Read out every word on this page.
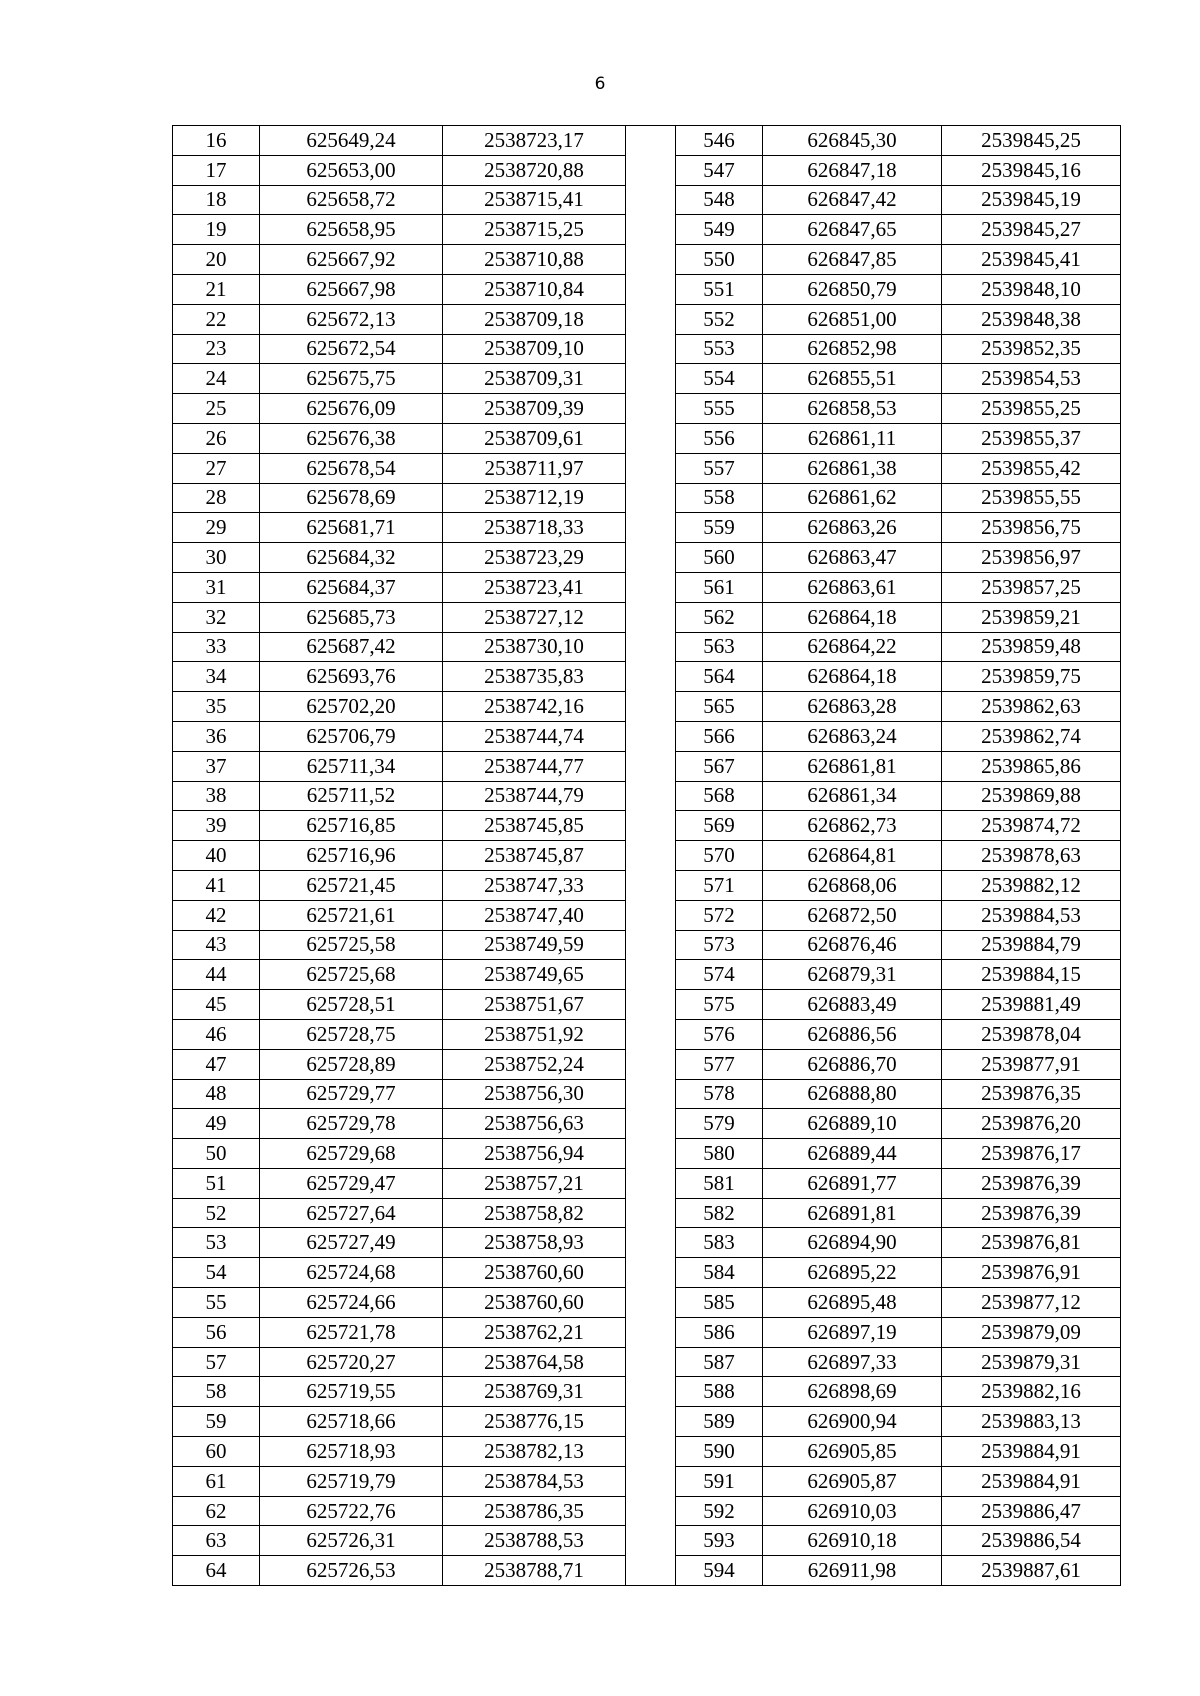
6
16	625649,24	2538723,17		546	626845,30	2539845,25
17	625653,00	2538720,88		547	626847,18	2539845,16
18	625658,72	2538715,41		548	626847,42	2539845,19
19	625658,95	2538715,25		549	626847,65	2539845,27
20	625667,92	2538710,88		550	626847,85	2539845,41
21	625667,98	2538710,84		551	626850,79	2539848,10
22	625672,13	2538709,18		552	626851,00	2539848,38
23	625672,54	2538709,10		553	626852,98	2539852,35
24	625675,75	2538709,31		554	626855,51	2539854,53
25	625676,09	2538709,39		555	626858,53	2539855,25
26	625676,38	2538709,61		556	626861,11	2539855,37
27	625678,54	2538711,97		557	626861,38	2539855,42
28	625678,69	2538712,19		558	626861,62	2539855,55
29	625681,71	2538718,33		559	626863,26	2539856,75
30	625684,32	2538723,29		560	626863,47	2539856,97
31	625684,37	2538723,41		561	626863,61	2539857,25
32	625685,73	2538727,12		562	626864,18	2539859,21
33	625687,42	2538730,10		563	626864,22	2539859,48
34	625693,76	2538735,83		564	626864,18	2539859,75
35	625702,20	2538742,16		565	626863,28	2539862,63
36	625706,79	2538744,74		566	626863,24	2539862,74
37	625711,34	2538744,77		567	626861,81	2539865,86
38	625711,52	2538744,79		568	626861,34	2539869,88
39	625716,85	2538745,85		569	626862,73	2539874,72
40	625716,96	2538745,87		570	626864,81	2539878,63
41	625721,45	2538747,33		571	626868,06	2539882,12
42	625721,61	2538747,40		572	626872,50	2539884,53
43	625725,58	2538749,59		573	626876,46	2539884,79
44	625725,68	2538749,65		574	626879,31	2539884,15
45	625728,51	2538751,67		575	626883,49	2539881,49
46	625728,75	2538751,92		576	626886,56	2539878,04
47	625728,89	2538752,24		577	626886,70	2539877,91
48	625729,77	2538756,30		578	626888,80	2539876,35
49	625729,78	2538756,63		579	626889,10	2539876,20
50	625729,68	2538756,94		580	626889,44	2539876,17
51	625729,47	2538757,21		581	626891,77	2539876,39
52	625727,64	2538758,82		582	626891,81	2539876,39
53	625727,49	2538758,93		583	626894,90	2539876,81
54	625724,68	2538760,60		584	626895,22	2539876,91
55	625724,66	2538760,60		585	626895,48	2539877,12
56	625721,78	2538762,21		586	626897,19	2539879,09
57	625720,27	2538764,58		587	626897,33	2539879,31
58	625719,55	2538769,31		588	626898,69	2539882,16
59	625718,66	2538776,15		589	626900,94	2539883,13
60	625718,93	2538782,13		590	626905,85	2539884,91
61	625719,79	2538784,53		591	626905,87	2539884,91
62	625722,76	2538786,35		592	626910,03	2539886,47
63	625726,31	2538788,53		593	626910,18	2539886,54
64	625726,53	2538788,71		594	626911,98	2539887,61
